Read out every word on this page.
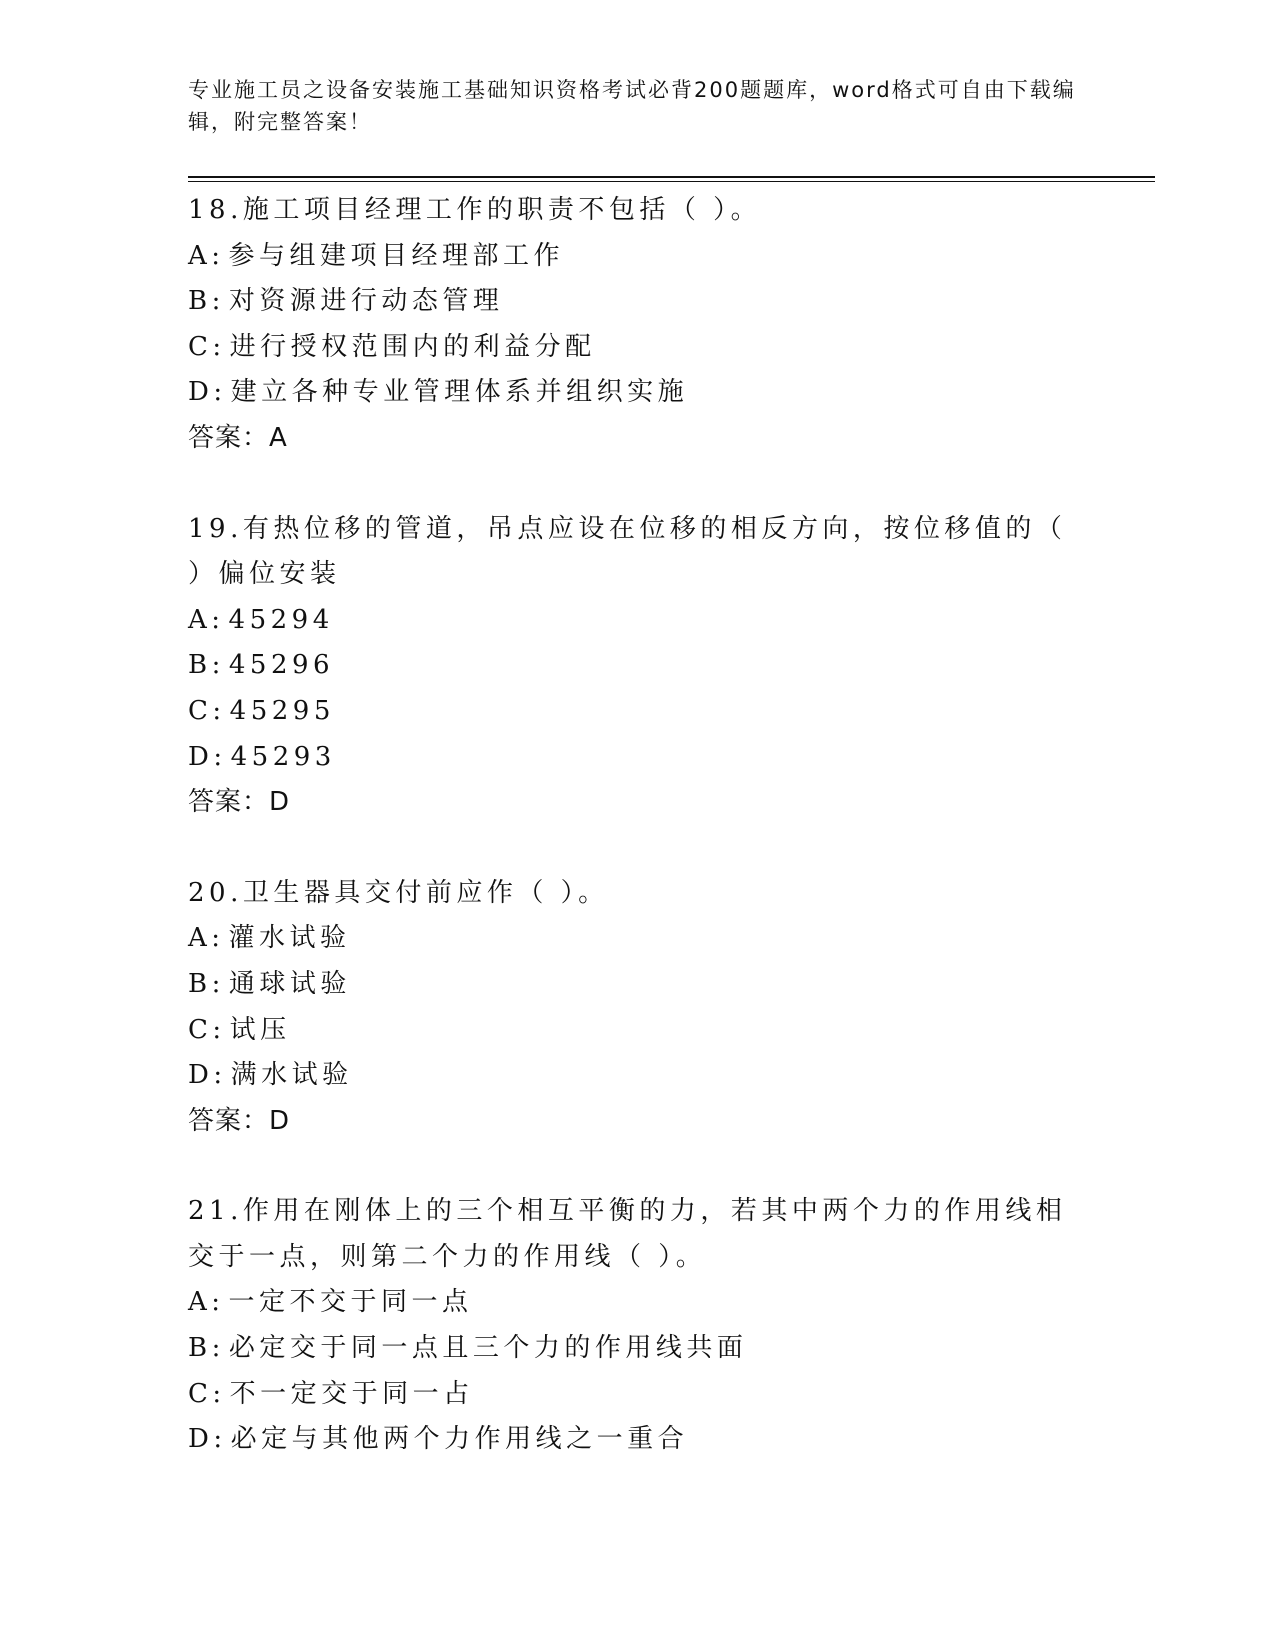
专业施工员之设备安装施工基础知识资格考试必背200题题库，word格式可自由下载编辑，附完整答案！
18.施工项目经理工作的职责不包括（ ）。
A: 参与组建项目经理部工作
B: 对资源进行动态管理
C: 进行授权范围内的利益分配
D: 建立各种专业管理体系并组织实施
答案：A
19.有热位移的管道，吊点应设在位移的相反方向，按位移值的（ ）偏位安装
A: 45294
B: 45296
C: 45295
D: 45293
答案：D
20.卫生器具交付前应作（ ）。
A: 灌水试验
B: 通球试验
C: 试压
D: 满水试验
答案：D
21.作用在刚体上的三个相互平衡的力，若其中两个力的作用线相交于一点，则第二个力的作用线（ ）。
A: 一定不交于同一点
B: 必定交于同一点且三个力的作用线共面
C: 不一定交于同一占
D: 必定与其他两个力作用线之一重合
